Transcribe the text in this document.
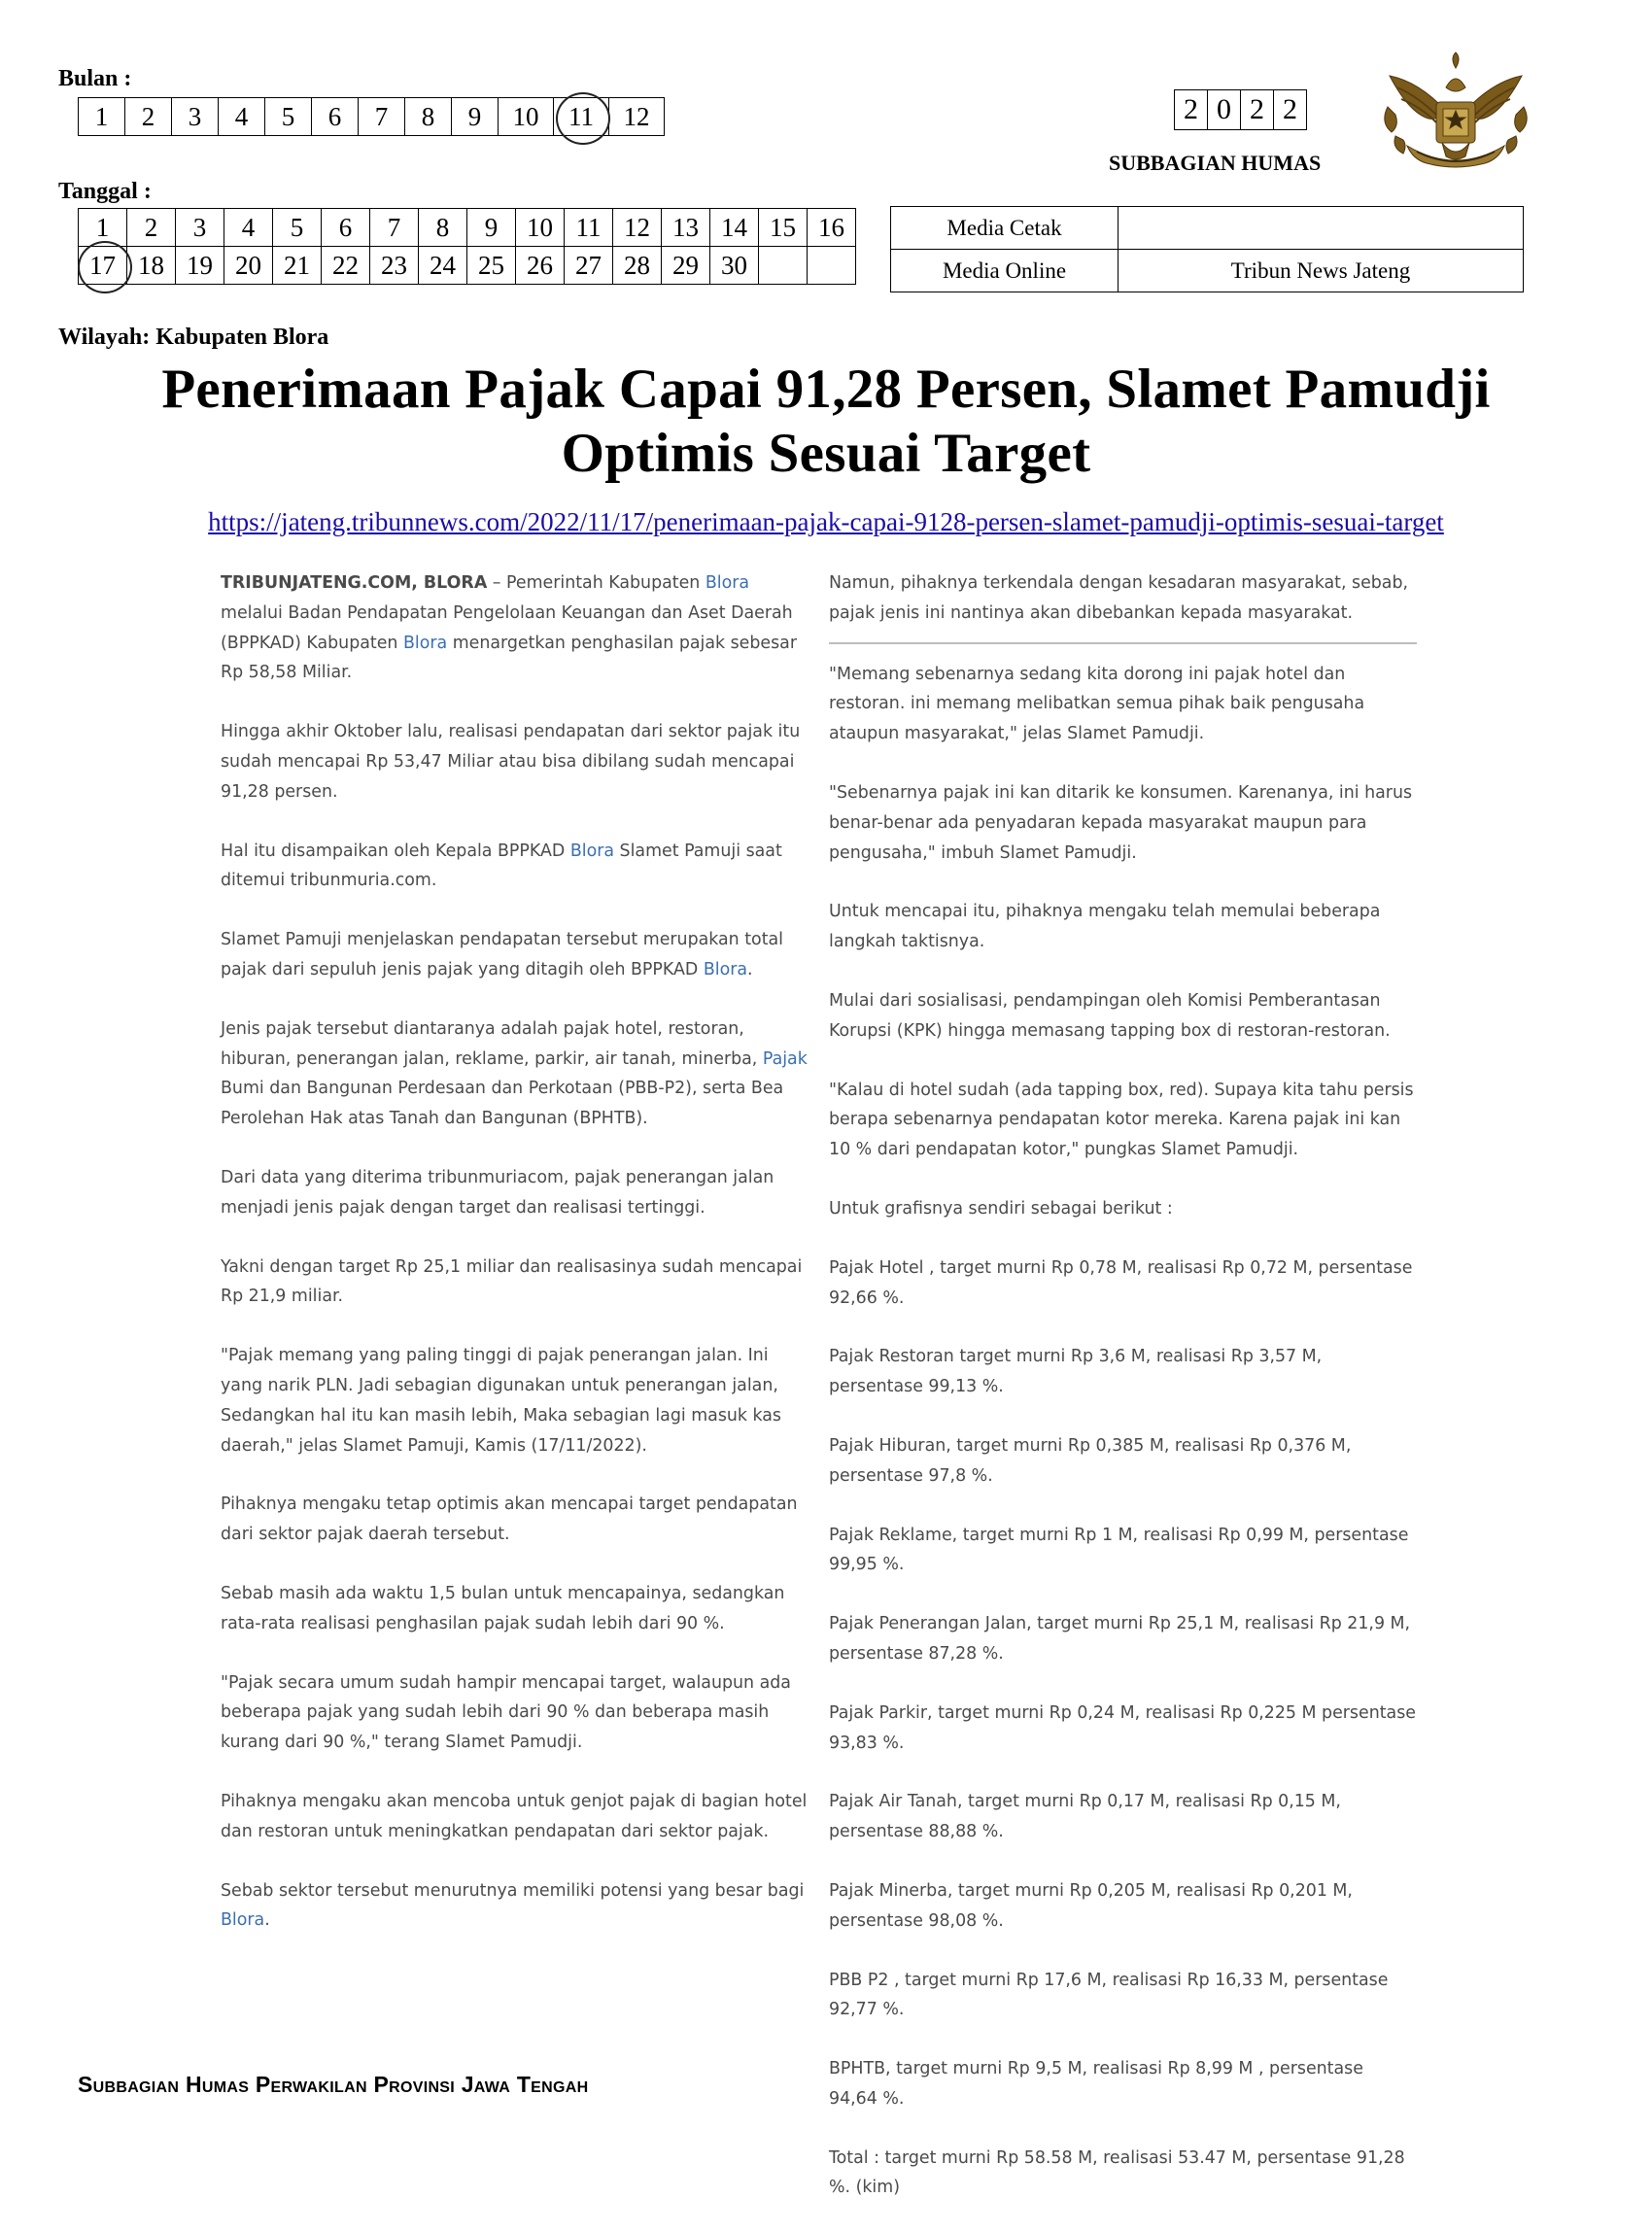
Bulan :
1	2	3	4	5	6	7	8	9	10	11	12
Tanggal :
1	2	3	4	5	6	7	8	9	10	11	12	13	14	15	16
17	18	19	20	21	22	23	24	25	26	27	28	29	30		
2	0	2	2
SUBBAGIAN HUMAS
Media Cetak	
Media Online	Tribun News Jateng
Wilayah: Kabupaten Blora
Penerimaan Pajak Capai 91,28 Persen, Slamet Pamudji
Optimis Sesuai Target
https://jateng.tribunnews.com/2022/11/17/penerimaan-pajak-capai-9128-persen-slamet-pamudji-optimis-sesuai-target

TRIBUNJATENG.COM, BLORA – Pemerintah Kabupaten Blora melalui Badan Pendapatan Pengelolaan Keuangan dan Aset Daerah (BPPKAD) Kabupaten Blora menargetkan penghasilan pajak sebesar Rp 58,58 Miliar.

Hingga akhir Oktober lalu, realisasi pendapatan dari sektor pajak itu sudah mencapai Rp 53,47 Miliar atau bisa dibilang sudah mencapai 91,28 persen.

Hal itu disampaikan oleh Kepala BPPKAD Blora Slamet Pamuji saat ditemui tribunmuria.com.

Slamet Pamuji menjelaskan pendapatan tersebut merupakan total pajak dari sepuluh jenis pajak yang ditagih oleh BPPKAD Blora.

Jenis pajak tersebut diantaranya adalah pajak hotel, restoran, hiburan, penerangan jalan, reklame, parkir, air tanah, minerba, Pajak Bumi dan Bangunan Perdesaan dan Perkotaan (PBB-P2), serta Bea Perolehan Hak atas Tanah dan Bangunan (BPHTB).

Dari data yang diterima tribunmuriacom, pajak penerangan jalan menjadi jenis pajak dengan target dan realisasi tertinggi.

Yakni dengan target Rp 25,1 miliar dan realisasinya sudah mencapai Rp 21,9 miliar.

"Pajak memang yang paling tinggi di pajak penerangan jalan. Ini yang narik PLN. Jadi sebagian digunakan untuk penerangan jalan, Sedangkan hal itu kan masih lebih, Maka sebagian lagi masuk kas daerah," jelas Slamet Pamuji, Kamis (17/11/2022).

Pihaknya mengaku tetap optimis akan mencapai target pendapatan dari sektor pajak daerah tersebut.

Sebab masih ada waktu 1,5 bulan untuk mencapainya, sedangkan rata-rata realisasi penghasilan pajak sudah lebih dari 90 %.

"Pajak secara umum sudah hampir mencapai target, walaupun ada beberapa pajak yang sudah lebih dari 90 % dan beberapa masih kurang dari 90 %," terang Slamet Pamudji.

Pihaknya mengaku akan mencoba untuk genjot pajak di bagian hotel dan restoran untuk meningkatkan pendapatan dari sektor pajak.

Sebab sektor tersebut menurutnya memiliki potensi yang besar bagi Blora.

Namun, pihaknya terkendala dengan kesadaran masyarakat, sebab, pajak jenis ini nantinya akan dibebankan kepada masyarakat.

"Memang sebenarnya sedang kita dorong ini pajak hotel dan restoran. ini memang melibatkan semua pihak baik pengusaha ataupun masyarakat," jelas Slamet Pamudji.

"Sebenarnya pajak ini kan ditarik ke konsumen. Karenanya, ini harus benar-benar ada penyadaran kepada masyarakat maupun para pengusaha," imbuh Slamet Pamudji.

Untuk mencapai itu, pihaknya mengaku telah memulai beberapa langkah taktisnya.

Mulai dari sosialisasi, pendampingan oleh Komisi Pemberantasan Korupsi (KPK) hingga memasang tapping box di restoran-restoran.

"Kalau di hotel sudah (ada tapping box, red). Supaya kita tahu persis berapa sebenarnya pendapatan kotor mereka. Karena pajak ini kan 10 % dari pendapatan kotor," pungkas Slamet Pamudji.

Untuk grafisnya sendiri sebagai berikut :

Pajak Hotel , target murni Rp 0,78 M, realisasi Rp 0,72 M, persentase 92,66 %.

Pajak Restoran target murni Rp 3,6 M, realisasi Rp 3,57 M, persentase 99,13 %.

Pajak Hiburan, target murni Rp 0,385 M, realisasi Rp 0,376 M, persentase 97,8 %.

Pajak Reklame, target murni Rp 1 M, realisasi Rp 0,99 M, persentase 99,95 %.

Pajak Penerangan Jalan, target murni Rp 25,1 M, realisasi Rp 21,9 M, persentase 87,28 %.

Pajak Parkir, target murni Rp 0,24 M, realisasi Rp 0,225 M persentase 93,83 %.

Pajak Air Tanah, target murni Rp 0,17 M, realisasi Rp 0,15 M, persentase 88,88 %.

Pajak Minerba, target murni Rp 0,205 M, realisasi Rp 0,201 M, persentase 98,08 %.

PBB P2 , target murni Rp 17,6 M, realisasi Rp 16,33 M, persentase 92,77 %.

BPHTB, target murni Rp 9,5 M, realisasi Rp 8,99 M , persentase 94,64 %.

Total : target murni Rp 58.58 M, realisasi 53.47 M, persentase 91,28 %. (kim)

Subbagian Humas Perwakilan Provinsi Jawa Tengah
